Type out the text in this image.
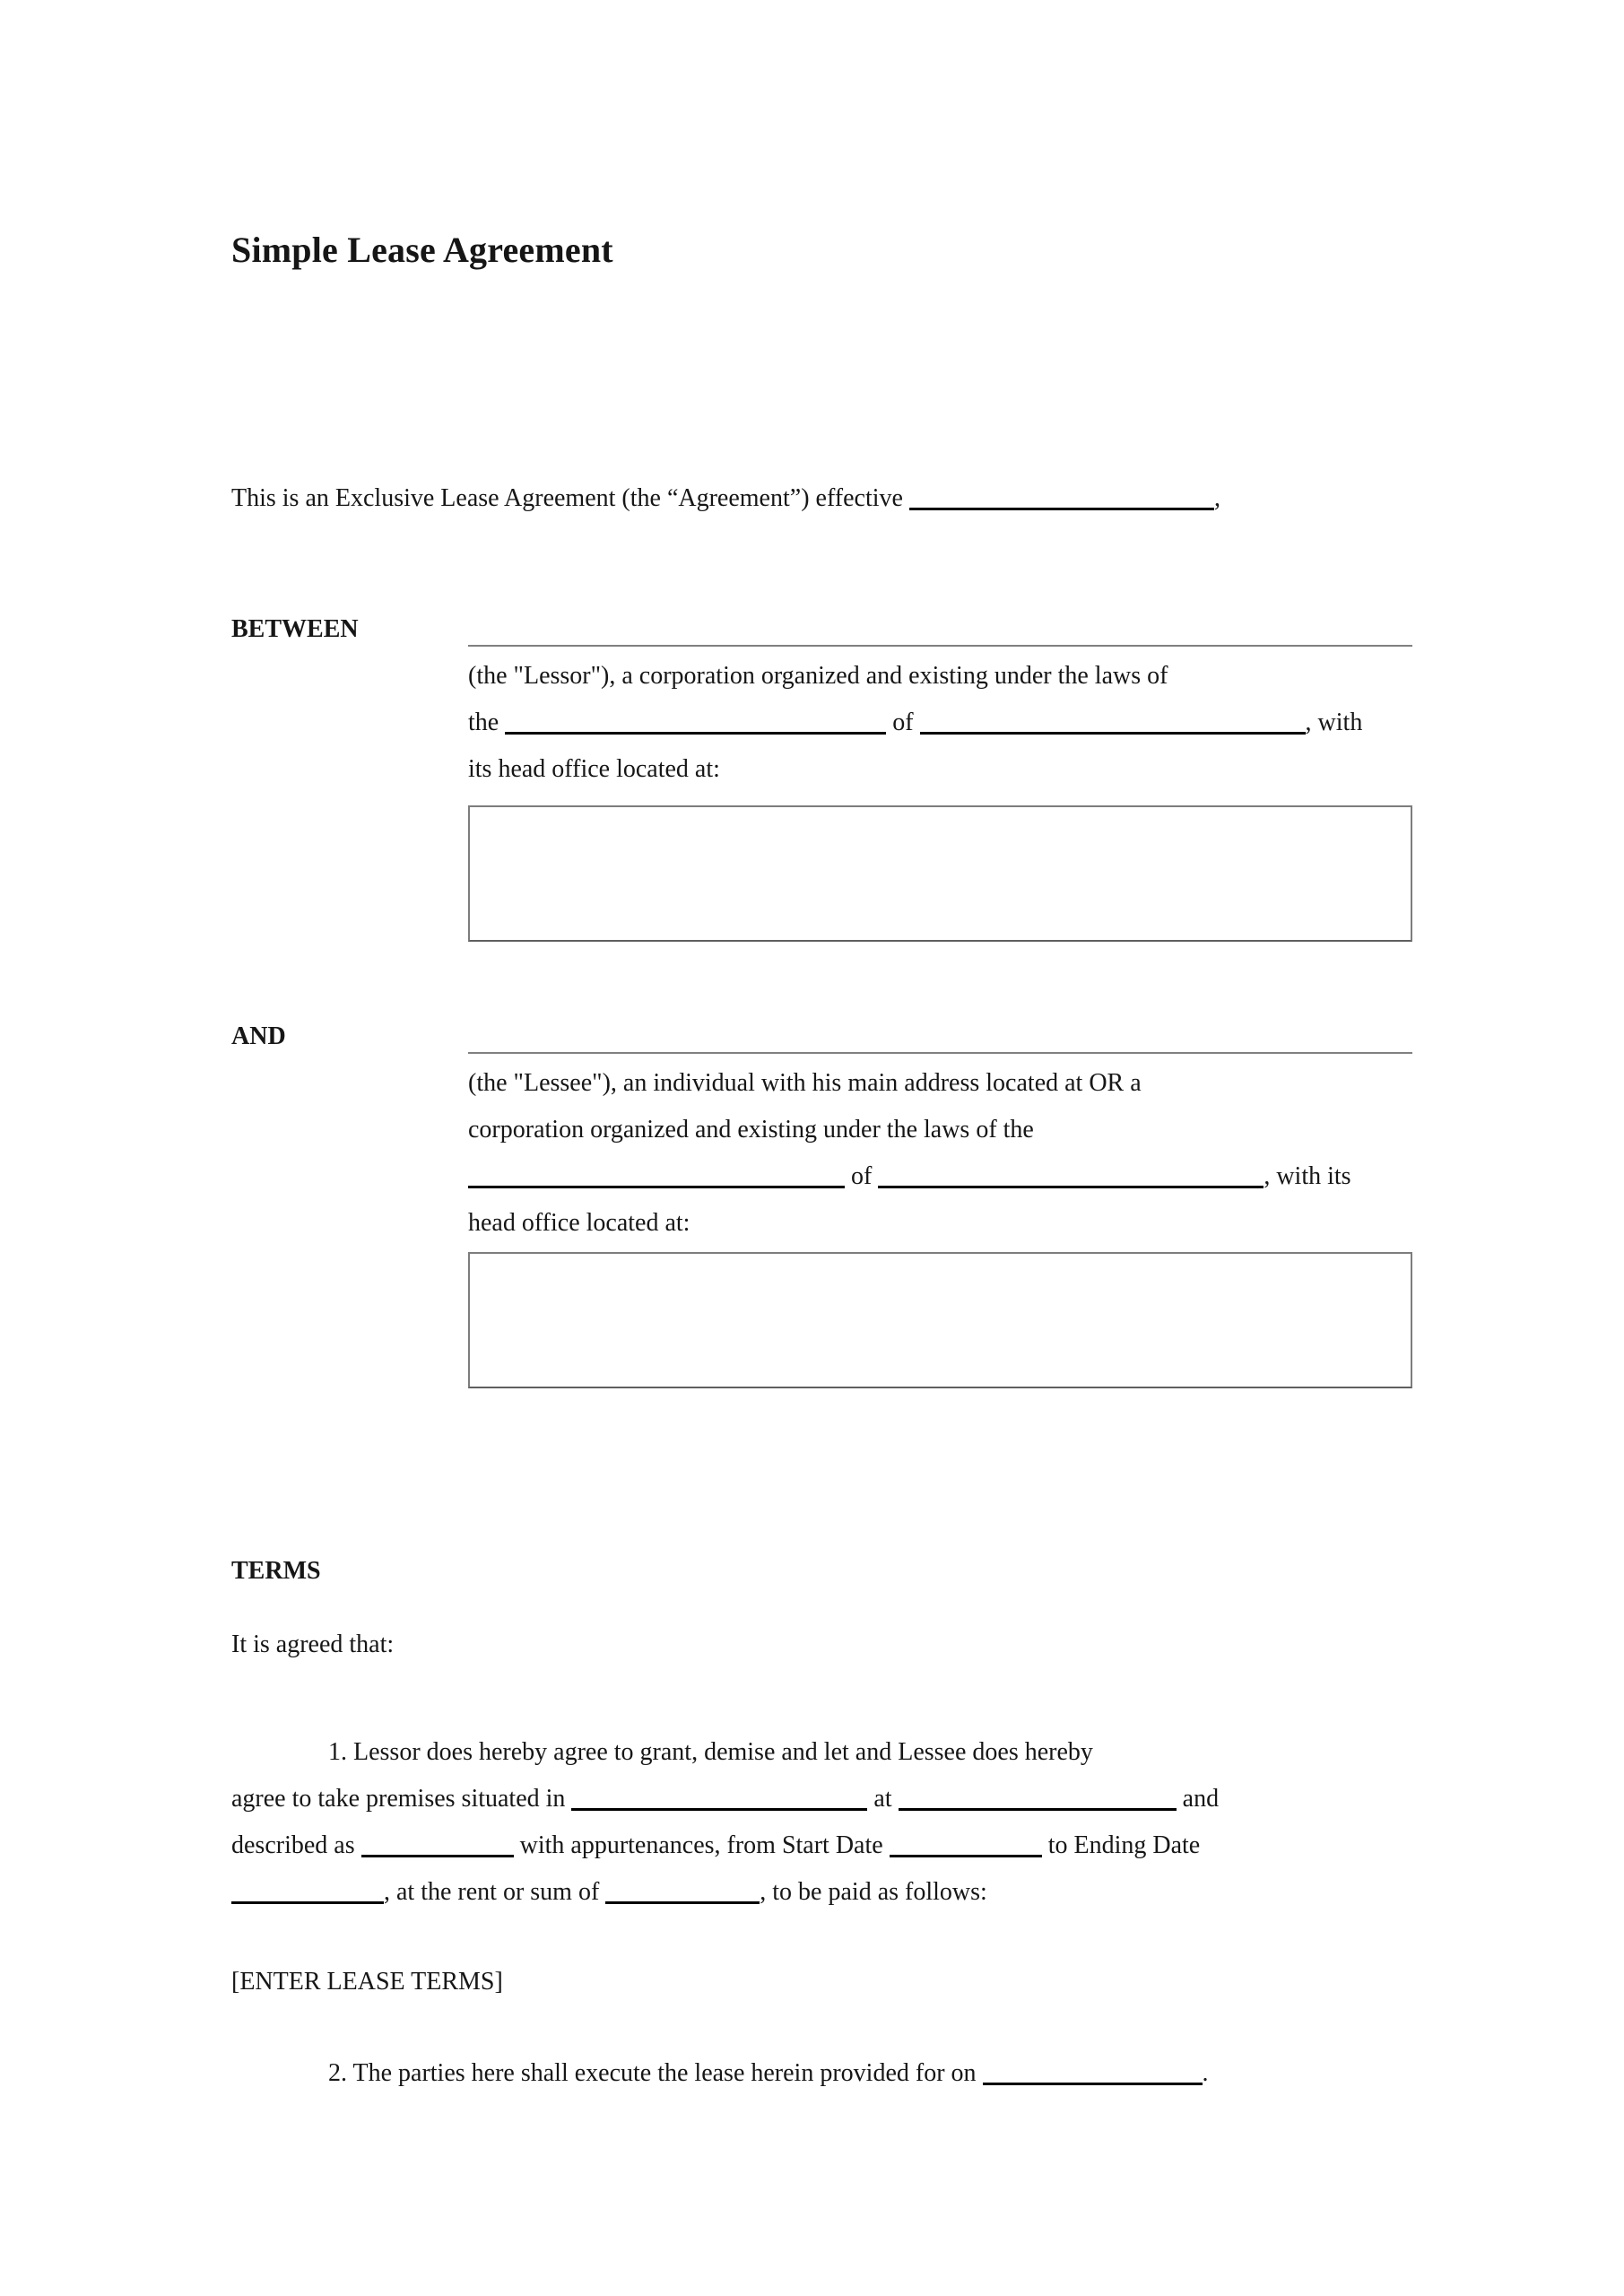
Simple Lease Agreement
This is an Exclusive Lease Agreement (the “Agreement”) effective	,
BETWEEN
(the "Lessor"), a corporation organized and existing under the laws of
the	of	, with
its head office located at:
AND
(the "Lessee"), an individual with his main address located at OR a
corporation organized and existing under the laws of the
of	, with its
head office located at:
TERMS
It is agreed that:
1. Lessor does hereby agree to grant, demise and let and Lessee does hereby
agree to take premises situated in	at	and
described as	with appurtenances, from Start Date	to Ending Date
, at the rent or sum of	, to be paid as follows:
[ENTER LEASE TERMS]
2. The parties here shall execute the lease herein provided for on	.
